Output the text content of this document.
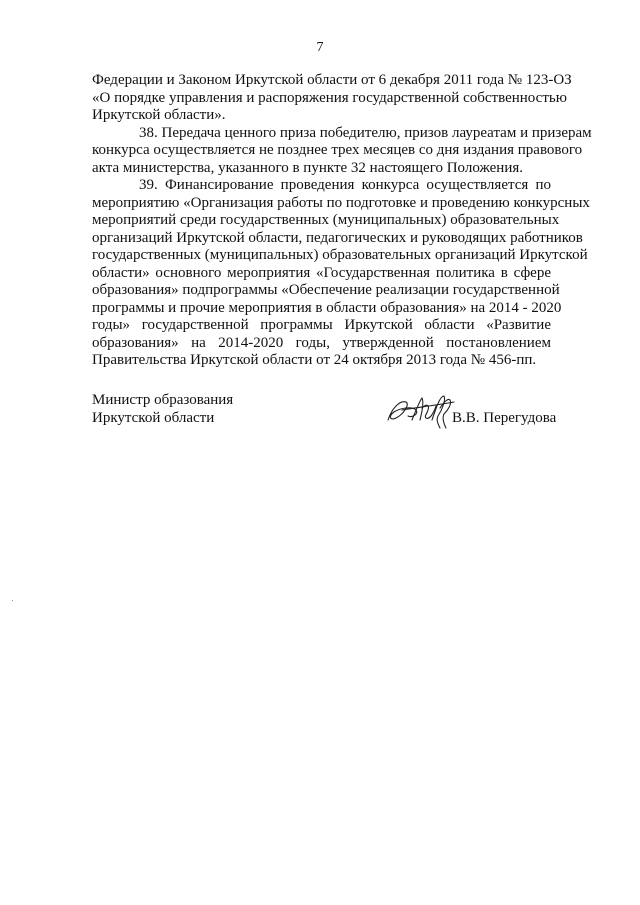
7
Федерации и Законом Иркутской области от 6 декабря 2011 года № 123-ОЗ
«О порядке управления и распоряжения государственной собственностью
Иркутской области».
38. Передача ценного приза победителю, призов лауреатам и призерам
конкурса осуществляется не позднее трех месяцев со дня издания правового
акта министерства, указанного в пункте 32 настоящего Положения.
39. Финансирование проведения конкурса осуществляется по
мероприятию «Организация работы по подготовке и проведению конкурсных
мероприятий среди государственных (муниципальных) образовательных
организаций Иркутской области, педагогических и руководящих работников
государственных (муниципальных) образовательных организаций Иркутской
области» основного мероприятия «Государственная политика в сфере
образования» подпрограммы «Обеспечение реализации государственной
программы и прочие мероприятия в области образования» на 2014 - 2020
годы» государственной программы Иркутской области «Развитие
образования» на 2014-2020 годы, утвержденной постановлением
Правительства Иркутской области от 24 октября 2013 года № 456-пп.
Министр образования
Иркутской области	В.В. Перегудова
